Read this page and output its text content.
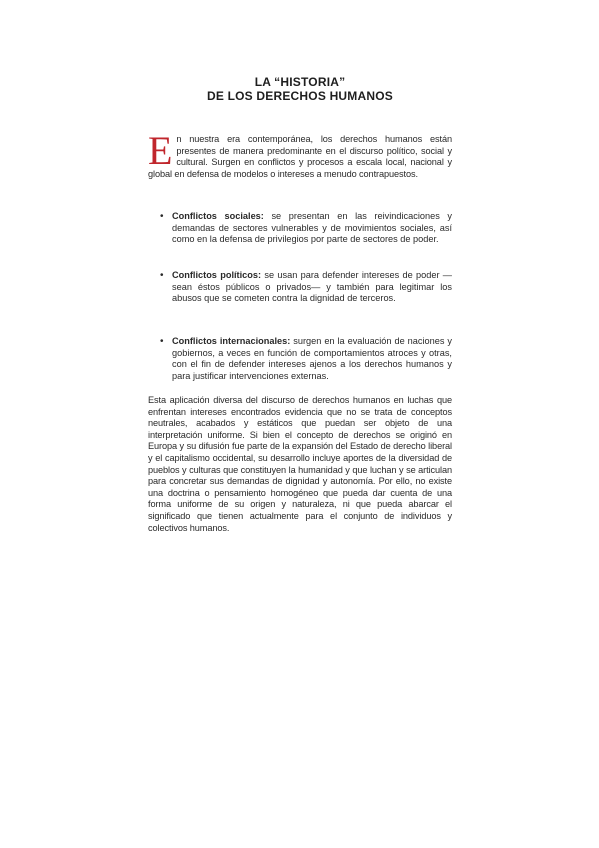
LA “HISTORIA”
DE LOS DERECHOS HUMANOS
E n nuestra era contemporánea, los derechos humanos están presentes de manera predominante en el discurso político, social y cultural. Surgen en conflictos y procesos a escala local, nacional y global en defensa de modelos o intereses a menudo contrapuestos.
• Conflictos sociales: se presentan en las reivindicaciones y demandas de sectores vulnerables y de movimientos sociales, así como en la defensa de privilegios por parte de sectores de poder.
• Conflictos políticos: se usan para defender intereses de poder —sean éstos públicos o privados— y también para legitimar los abusos que se cometen contra la dignidad de terceros.
• Conflictos internacionales: surgen en la evaluación de naciones y gobiernos, a veces en función de comportamientos atroces y otras, con el fin de defender intereses ajenos a los derechos humanos y para justificar intervenciones externas.
Esta aplicación diversa del discurso de derechos humanos en luchas que enfrentan intereses encontrados evidencia que no se trata de conceptos neutrales, acabados y estáticos que puedan ser objeto de una interpretación uniforme. Si bien el concepto de derechos se originó en Europa y su difusión fue parte de la expansión del Estado de derecho liberal y el capitalismo occidental, su desarrollo incluye aportes de la diversidad de pueblos y culturas que constituyen la humanidad y que luchan y se articulan para concretar sus demandas de dignidad y autonomía. Por ello, no existe una doctrina o pensamiento homogéneo que pueda dar cuenta de una forma uniforme de su origen y naturaleza, ni que pueda abarcar el significado que tienen actualmente para el conjunto de individuos y colectivos humanos.
